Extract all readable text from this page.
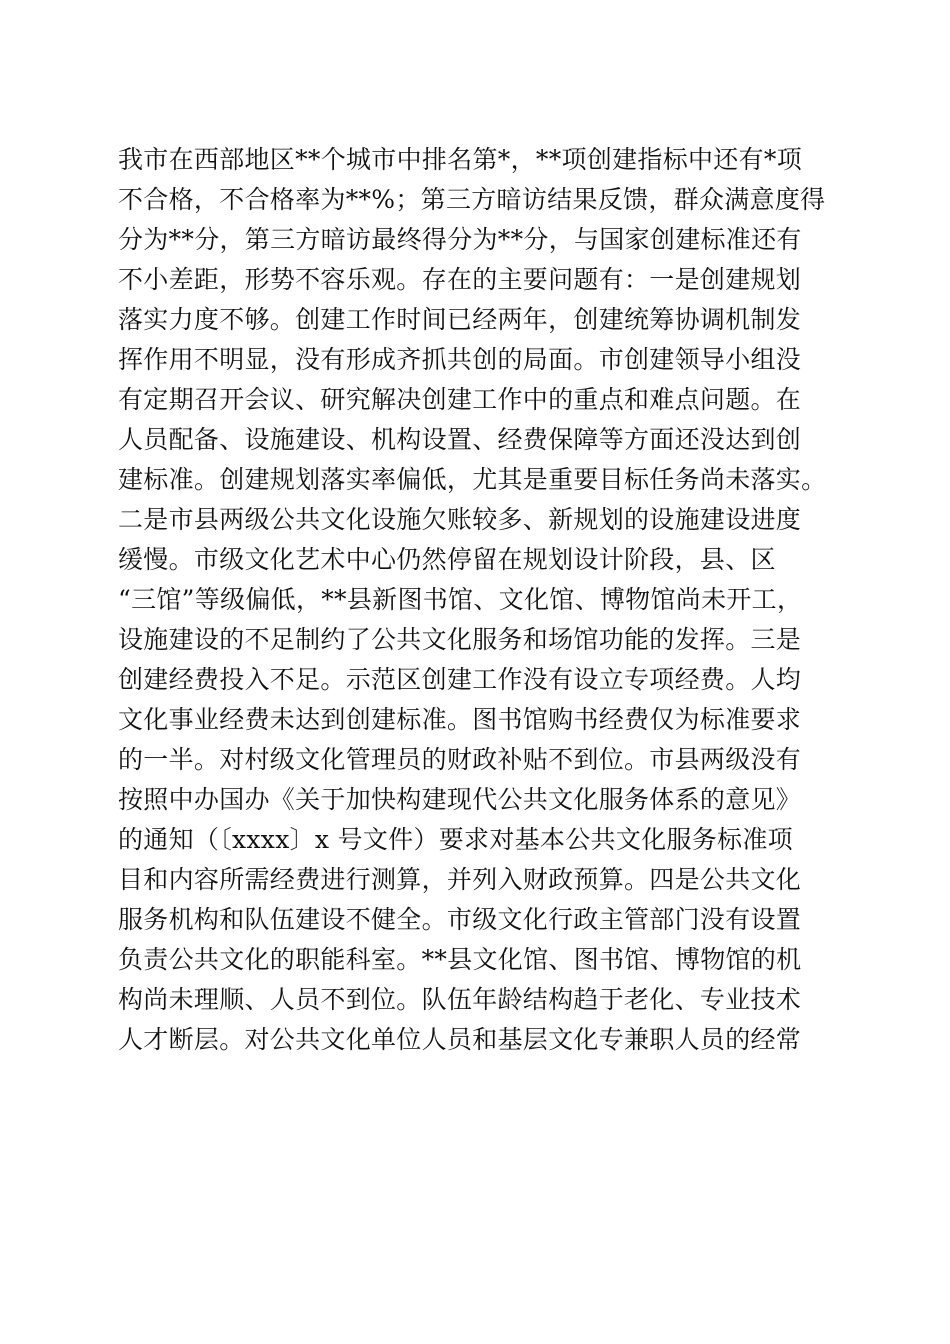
我市在西部地区**个城市中排名第*，**项创建指标中还有*项
不合格，不合格率为**%；第三方暗访结果反馈，群众满意度得
分为**分，第三方暗访最终得分为**分，与国家创建标准还有
不小差距，形势不容乐观。存在的主要问题有：一是创建规划
落实力度不够。创建工作时间已经两年，创建统筹协调机制发
挥作用不明显，没有形成齐抓共创的局面。市创建领导小组没
有定期召开会议、研究解决创建工作中的重点和难点问题。在
人员配备、设施建设、机构设置、经费保障等方面还没达到创
建标准。创建规划落实率偏低，尤其是重要目标任务尚未落实。
二是市县两级公共文化设施欠账较多、新规划的设施建设进度
缓慢。市级文化艺术中心仍然停留在规划设计阶段，县、区
“三馆”等级偏低，**县新图书馆、文化馆、博物馆尚未开工，
设施建设的不足制约了公共文化服务和场馆功能的发挥。三是
创建经费投入不足。示范区创建工作没有设立专项经费。人均
文化事业经费未达到创建标准。图书馆购书经费仅为标准要求
的一半。对村级文化管理员的财政补贴不到位。市县两级没有
按照中办国办《关于加快构建现代公共文化服务体系的意见》
的通知（〔xxxx〕x 号文件）要求对基本公共文化服务标准项
目和内容所需经费进行测算，并列入财政预算。四是公共文化
服务机构和队伍建设不健全。市级文化行政主管部门没有设置
负责公共文化的职能科室。**县文化馆、图书馆、博物馆的机
构尚未理顺、人员不到位。队伍年龄结构趋于老化、专业技术
人才断层。对公共文化单位人员和基层文化专兼职人员的经常
